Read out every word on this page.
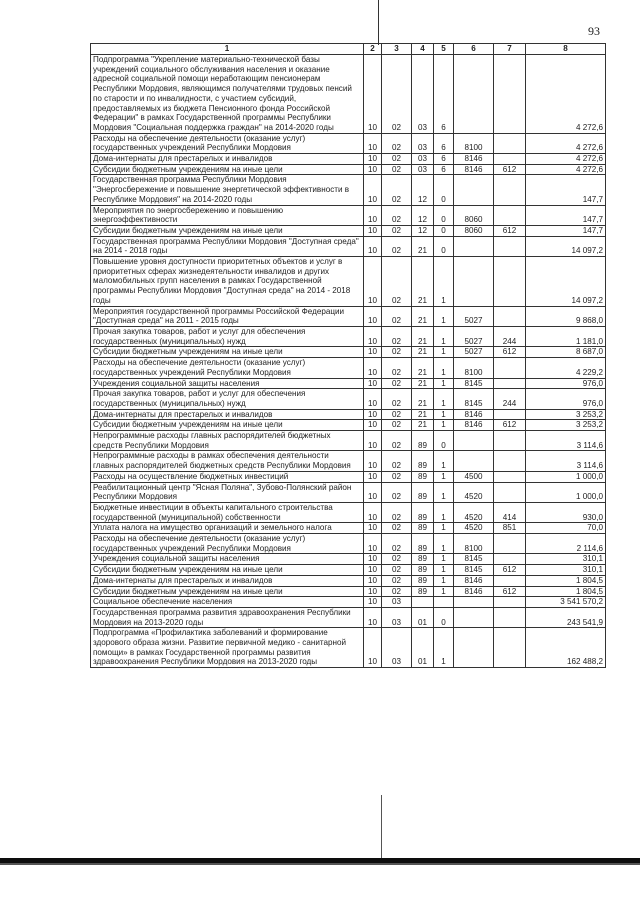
93
1	2	3	4	5	6	7	8
Подпрограмма "Укрепление материально-технической базы учреждений социального обслуживания населения и оказание адресной социальной помощи неработающим пенсионерам Республики Мордовия, являющимся получателями трудовых пенсий по старости и по инвалидности, с участием субсидий, предоставляемых из бюджета Пенсионного фонда Российской Федерации" в рамках Государственной программы Республики Мордовия "Социальная поддержка граждан" на 2014-2020 годы	10	02	03	6			4 272,6
Расходы на обеспечение деятельности (оказание услуг) государственных учреждений Республики Мордовия	10	02	03	6	8100		4 272,6
Дома-интернаты для престарелых и инвалидов	10	02	03	6	8146		4 272,6
Субсидии бюджетным учреждениям на иные цели	10	02	03	6	8146	612	4 272,6
Государственная программа Республики Мордовия "Энергосбережение и повышение энергетической эффективности в Республике Мордовия" на 2014-2020 годы	10	02	12	0			147,7
Мероприятия по энергосбережению и повышению энергоэффективности	10	02	12	0	8060		147,7
Субсидии бюджетным учреждениям на иные цели	10	02	12	0	8060	612	147,7
Государственная программа Республики Мордовия "Доступная среда" на 2014 - 2018 годы	10	02	21	0			14 097,2
Повышение уровня доступности приоритетных объектов и услуг в приоритетных сферах жизнедеятельности инвалидов и других маломобильных групп населения в рамках Государственной программы Республики Мордовия "Доступная среда" на 2014 - 2018 годы	10	02	21	1			14 097,2
Мероприятия государственной программы Российской Федерации "Доступная среда" на 2011 - 2015 годы	10	02	21	1	5027		9 868,0
Прочая закупка товаров, работ и услуг для обеспечения государственных (муниципальных) нужд	10	02	21	1	5027	244	1 181,0
Субсидии бюджетным учреждениям на иные цели	10	02	21	1	5027	612	8 687,0
Расходы на обеспечение деятельности (оказание услуг) государственных учреждений Республики Мордовия	10	02	21	1	8100		4 229,2
Учреждения социальной защиты населения	10	02	21	1	8145		976,0
Прочая закупка товаров, работ и услуг для обеспечения государственных (муниципальных) нужд	10	02	21	1	8145	244	976,0
Дома-интернаты для престарелых и инвалидов	10	02	21	1	8146		3 253,2
Субсидии бюджетным учреждениям на иные цели	10	02	21	1	8146	612	3 253,2
Непрограммные расходы главных распорядителей бюджетных средств Республики Мордовия	10	02	89	0			3 114,6
Непрограммные расходы в рамках обеспечения деятельности главных распорядителей бюджетных средств Республики Мордовия	10	02	89	1			3 114,6
Расходы на осуществление бюджетных инвестиций	10	02	89	1	4500		1 000,0
Реабилитационный центр "Ясная Поляна", Зубово-Полянский район Республики Мордовия	10	02	89	1	4520		1 000,0
Бюджетные инвестиции в объекты капитального строительства государственной (муниципальной) собственности	10	02	89	1	4520	414	930,0
Уплата налога на имущество организаций и земельного налога	10	02	89	1	4520	851	70,0
Расходы на обеспечение деятельности (оказание услуг) государственных учреждений Республики Мордовия	10	02	89	1	8100		2 114,6
Учреждения социальной защиты населения	10	02	89	1	8145		310,1
Субсидии бюджетным учреждениям на иные цели	10	02	89	1	8145	612	310,1
Дома-интернаты для престарелых и инвалидов	10	02	89	1	8146		1 804,5
Субсидии бюджетным учреждениям на иные цели	10	02	89	1	8146	612	1 804,5
Социальное обеспечение населения	10	03					3 541 570,2
Государственная программа развития здравоохранения Республики Мордовия на 2013-2020 годы	10	03	01	0			243 541,9
Подпрограмма «Профилактика заболеваний и формирование здорового образа жизни. Развитие первичной медико - санитарной помощи» в рамках Государственной программы развития здравоохранения Республики Мордовия на 2013-2020 годы	10	03	01	1			162 488,2
